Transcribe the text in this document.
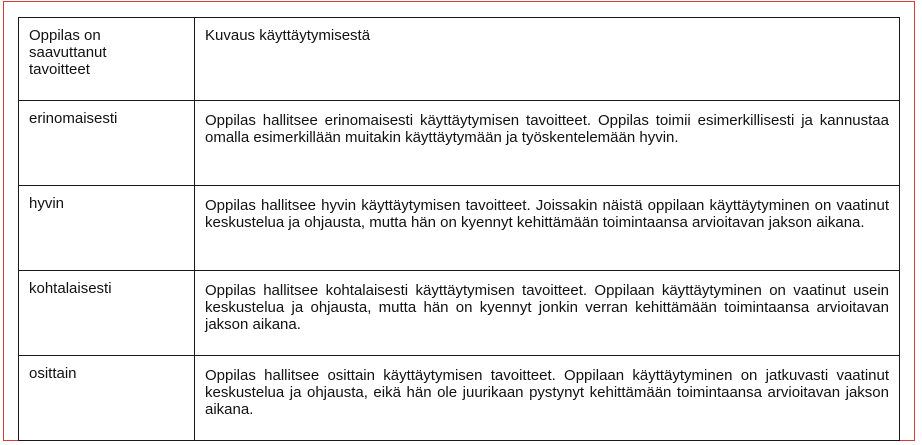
Oppilas on
saavuttanut
tavoitteet	Kuvaus käyttäytymisestä
erinomaisesti	Oppilas hallitsee erinomaisesti käyttäytymisen tavoitteet. Oppilas toimii esimerkillisesti ja kannustaa omalla esimerkillään muitakin käyttäytymään ja työskentelemään hyvin.
hyvin	Oppilas hallitsee hyvin käyttäytymisen tavoitteet. Joissakin näistä oppilaan käyttäytyminen on vaatinut keskustelua ja ohjausta, mutta hän on kyennyt kehittämään toimintaansa arvioitavan jakson aikana.
kohtalaisesti	Oppilas hallitsee kohtalaisesti käyttäytymisen tavoitteet. Oppilaan käyttäytyminen on vaatinut usein keskustelua ja ohjausta, mutta hän on kyennyt jonkin verran kehittämään toimintaansa arvioitavan jakson aikana.
osittain	Oppilas hallitsee osittain käyttäytymisen tavoitteet. Oppilaan käyttäytyminen on jatkuvasti vaatinut keskustelua ja ohjausta, eikä hän ole juurikaan pystynyt kehittämään toimintaansa arvioitavan jakson aikana.
